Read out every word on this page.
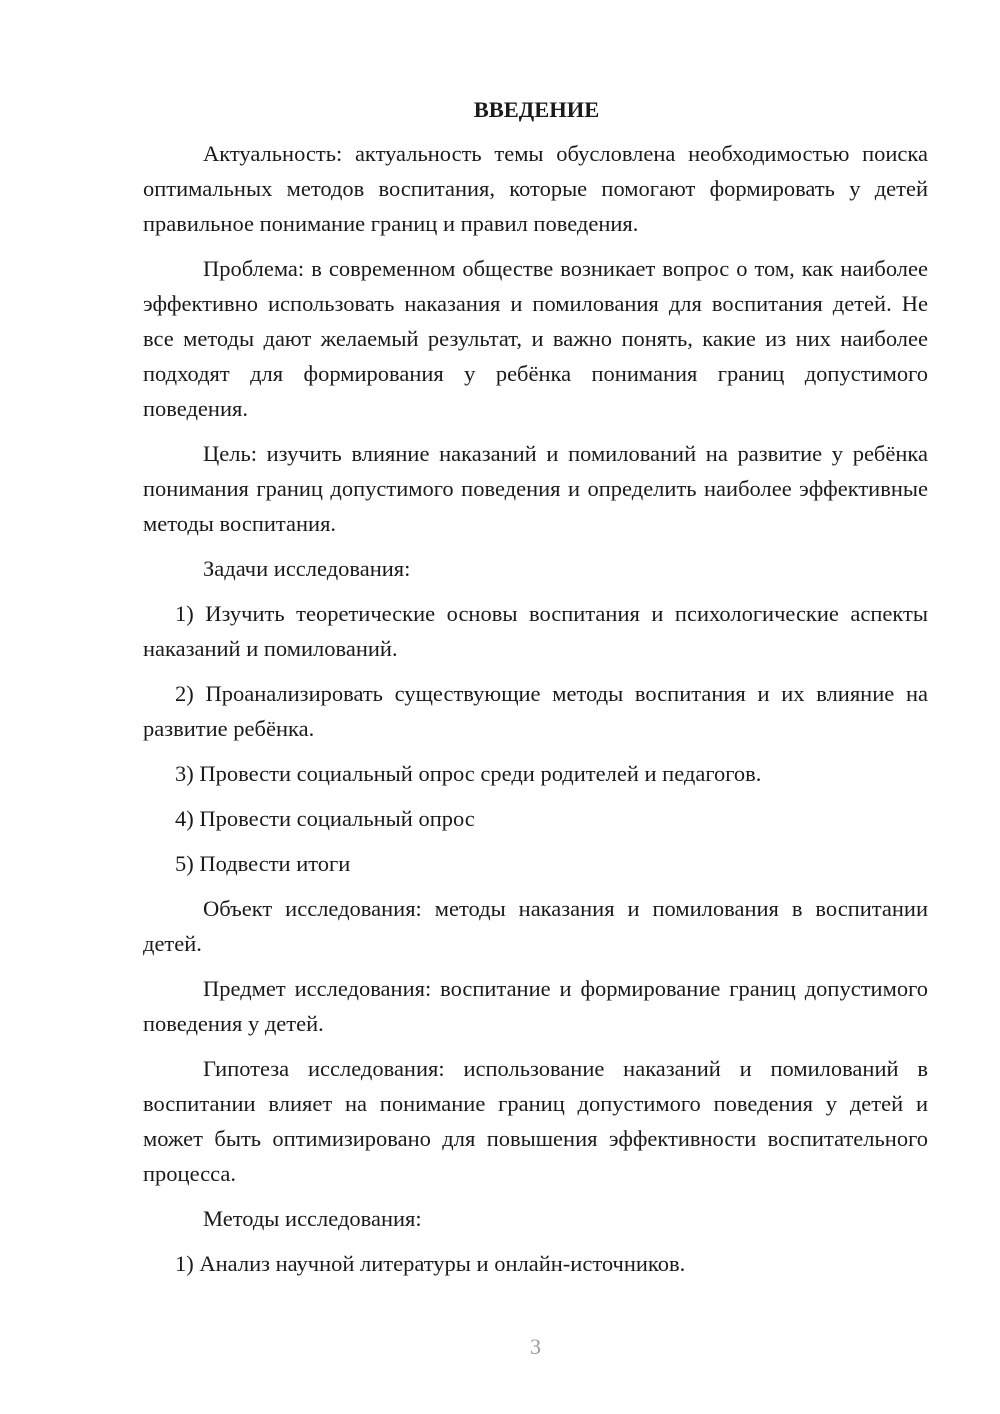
ВВЕДЕНИЕ

Актуальность: актуальность темы обусловлена необходимостью поиска оптимальных методов воспитания, которые помогают формировать у детей правильное понимание границ и правил поведения.

Проблема: в современном обществе возникает вопрос о том, как наиболее эффективно использовать наказания и помилования для воспитания детей. Не все методы дают желаемый результат, и важно понять, какие из них наиболее подходят для формирования у ребёнка понимания границ допустимого поведения.

Цель: изучить влияние наказаний и помилований на развитие у ребёнка понимания границ допустимого поведения и определить наиболее эффективные методы воспитания.

Задачи исследования:

1) Изучить теоретические основы воспитания и психологические аспекты наказаний и помилований.

2) Проанализировать существующие методы воспитания и их влияние на развитие ребёнка.

3) Провести социальный опрос среди родителей и педагогов.

4) Провести социальный опрос

5) Подвести итоги

Объект исследования: методы наказания и помилования в воспитании детей.

Предмет исследования: воспитание и формирование границ допустимого поведения у детей.

Гипотеза исследования: использование наказаний и помилований в воспитании влияет на понимание границ допустимого поведения у детей и может быть оптимизировано для повышения эффективности воспитательного процесса.

Методы исследования:

1) Анализ научной литературы и онлайн-источников.

3
